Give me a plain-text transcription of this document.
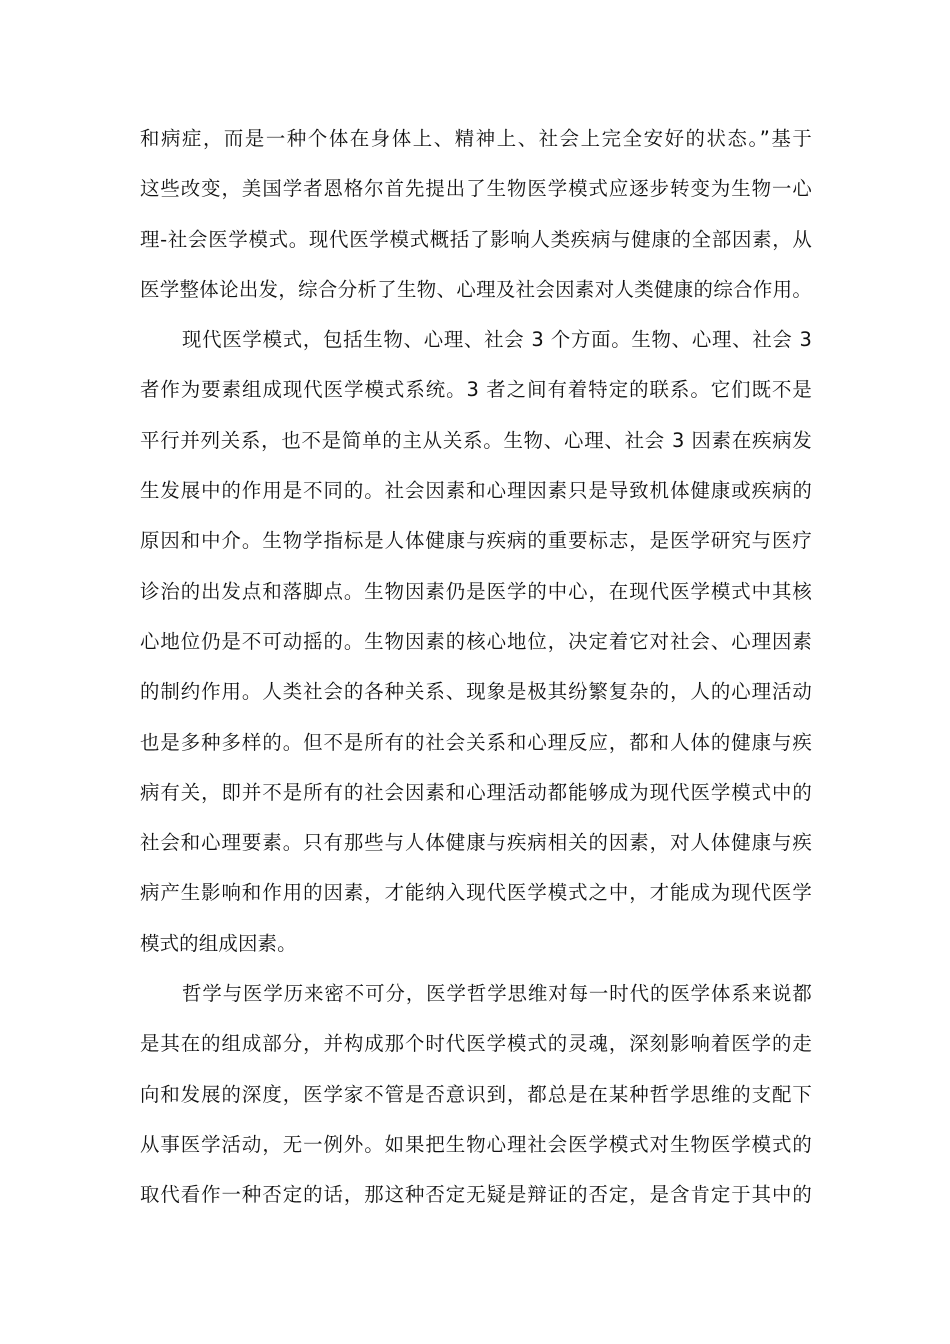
和病症，而是一种个体在身体上、精神上、社会上完全安好的状态。”基于
这些改变，美国学者恩格尔首先提出了生物医学模式应逐步转变为生物一心
理-社会医学模式。现代医学模式概括了影响人类疾病与健康的全部因素，从
医学整体论出发，综合分析了生物、心理及社会因素对人类健康的综合作用。
现代医学模式，包括生物、心理、社会 3 个方面。生物、心理、社会 3
者作为要素组成现代医学模式系统。3 者之间有着特定的联系。它们既不是
平行并列关系，也不是简单的主从关系。生物、心理、社会 3 因素在疾病发
生发展中的作用是不同的。社会因素和心理因素只是导致机体健康或疾病的
原因和中介。生物学指标是人体健康与疾病的重要标志，是医学研究与医疗
诊治的出发点和落脚点。生物因素仍是医学的中心，在现代医学模式中其核
心地位仍是不可动摇的。生物因素的核心地位，决定着它对社会、心理因素
的制约作用。人类社会的各种关系、现象是极其纷繁复杂的，人的心理活动
也是多种多样的。但不是所有的社会关系和心理反应，都和人体的健康与疾
病有关，即并不是所有的社会因素和心理活动都能够成为现代医学模式中的
社会和心理要素。只有那些与人体健康与疾病相关的因素，对人体健康与疾
病产生影响和作用的因素，才能纳入现代医学模式之中，才能成为现代医学
模式的组成因素。
哲学与医学历来密不可分，医学哲学思维对每一时代的医学体系来说都
是其在的组成部分，并构成那个时代医学模式的灵魂，深刻影响着医学的走
向和发展的深度，医学家不管是否意识到，都总是在某种哲学思维的支配下
从事医学活动，无一例外。如果把生物心理社会医学模式对生物医学模式的
取代看作一种否定的话，那这种否定无疑是辩证的否定，是含肯定于其中的
